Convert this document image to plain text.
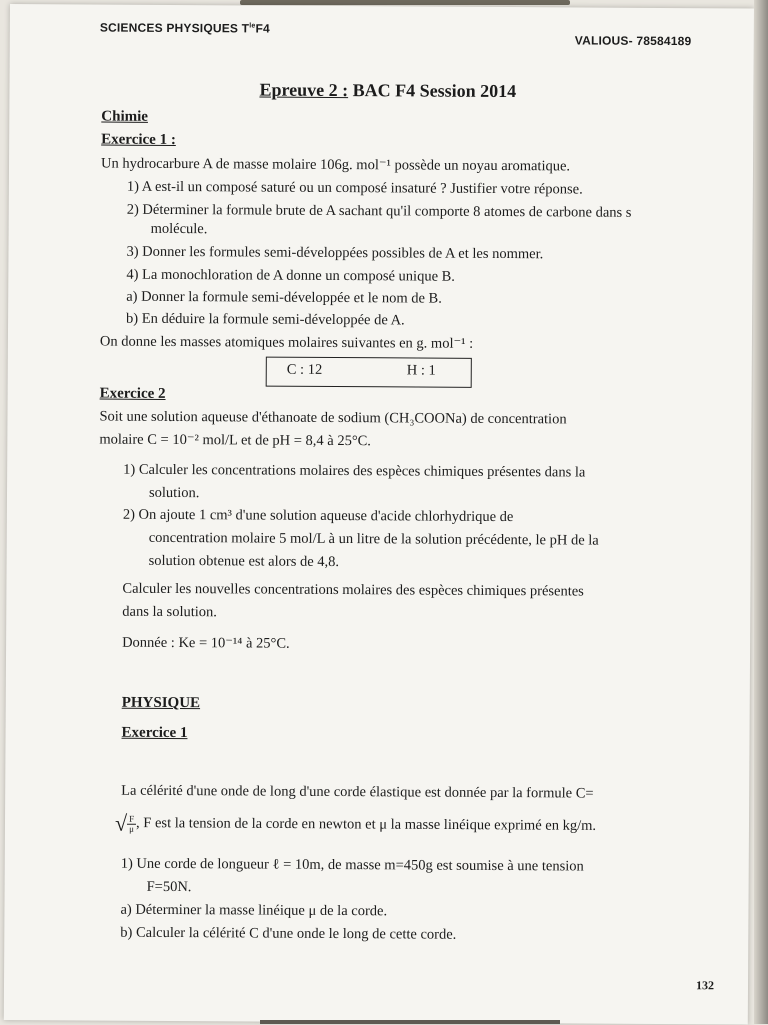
SCIENCES PHYSIQUES $T^{le}F4$
VALIOUS- 78584189
Epreuve 2 : BAC F4 Session 2014
Chimie
Exercice 1 :
Un hydrocarbure A de masse molaire 106g. mol⁻¹ possède un noyau aromatique.
1) A est-il un composé saturé ou un composé insaturé ? Justifier votre réponse.
2) Déterminer la formule brute de A sachant qu'il comporte 8 atomes de carbone dans s
molécule.
3) Donner les formules semi-développées possibles de A et les nommer.
4) La monochloration de A donne un composé unique B.
a) Donner la formule semi-développée et le nom de B.
b) En déduire la formule semi-développée de A.
On donne les masses atomiques molaires suivantes en g. mol⁻¹ :
C : 12	H : 1
Exercice 2
Soit une solution aqueuse d'éthanoate de sodium (CH₃COONa) de concentration
molaire C = 10⁻² mol/L et de pH = 8,4 à 25°C.
1) Calculer les concentrations molaires des espèces chimiques présentes dans la
solution.
2) On ajoute 1 cm³ d'une solution aqueuse d'acide chlorhydrique de
concentration molaire 5 mol/L à un litre de la solution précédente, le pH de la
solution obtenue est alors de 4,8.
Calculer les nouvelles concentrations molaires des espèces chimiques présentes
dans la solution.
Donnée : Ke = 10⁻¹⁴ à 25°C.
PHYSIQUE
Exercice 1
La célérité d'une onde de long d'une corde élastique est donnée par la formule C=
√ $\frac{F}{\mu}$ , F est la tension de la corde en newton et μ la masse linéique exprimé en kg/m.
1) Une corde de longueur ℓ = 10m, de masse m=450g est soumise à une tension
F=50N.
a) Déterminer la masse linéique μ de la corde.
b) Calculer la célérité C d'une onde le long de cette corde.
132
